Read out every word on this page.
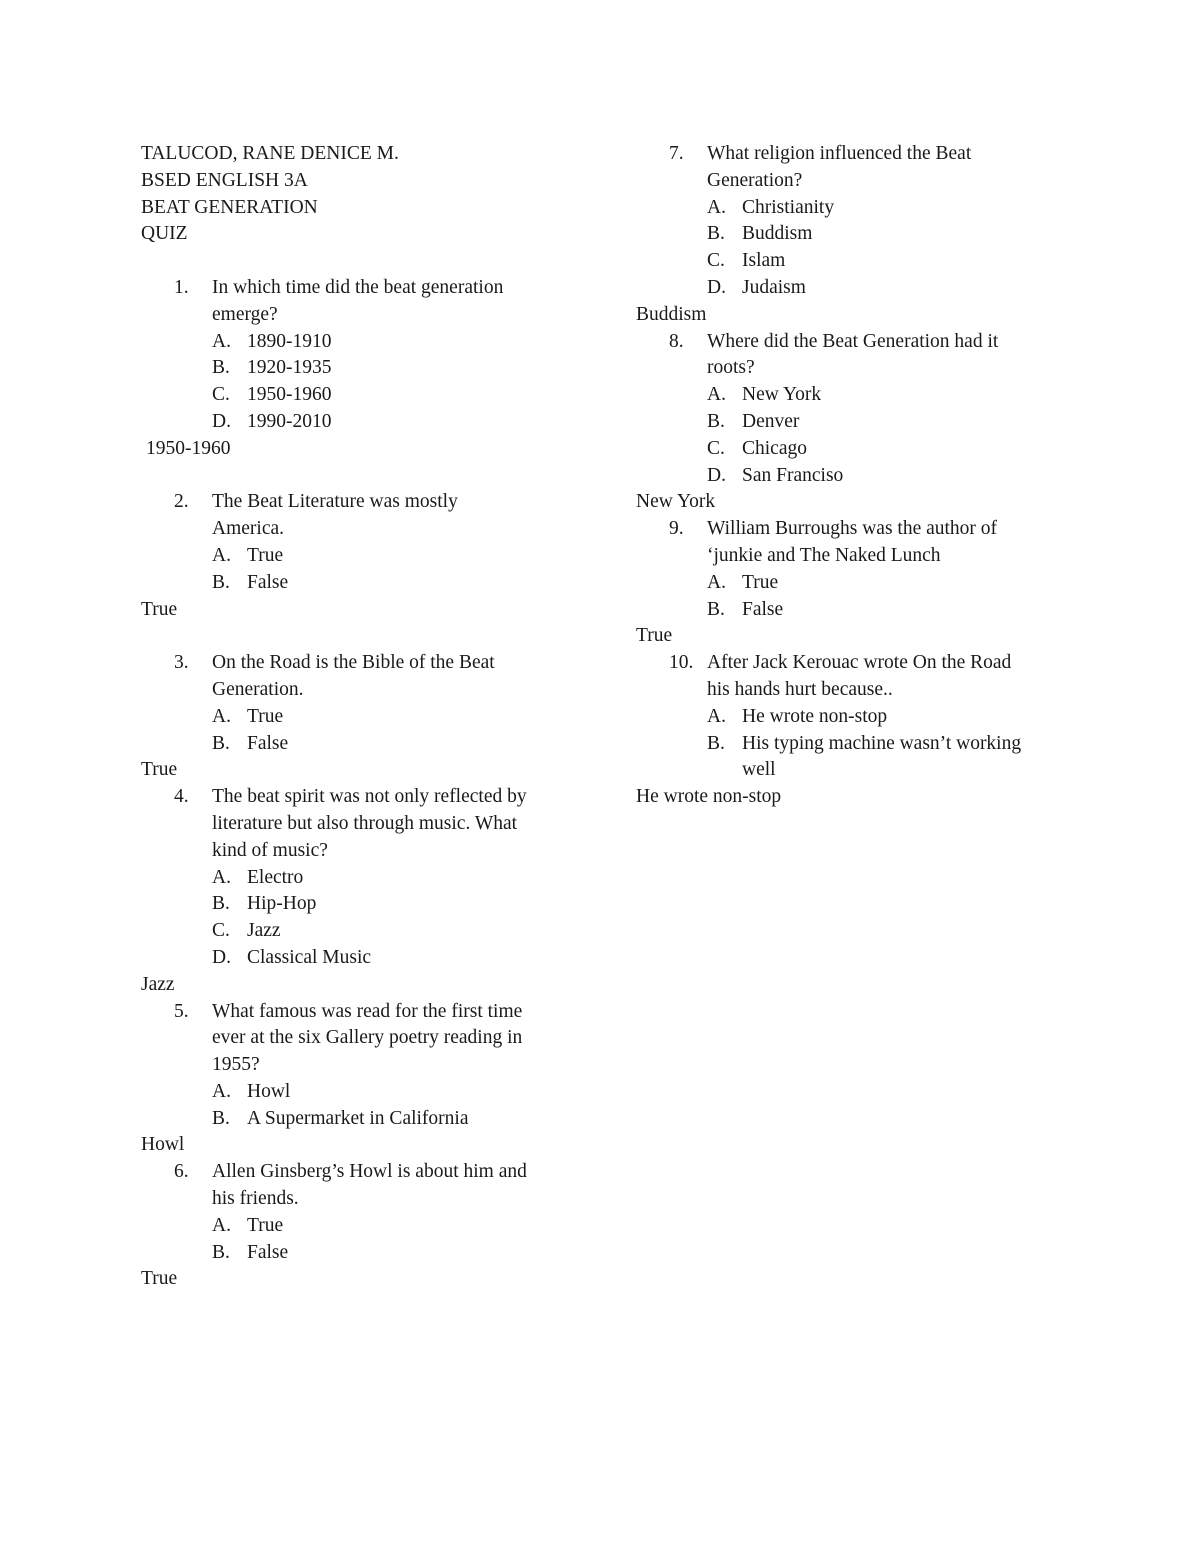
TALUCOD, RANE DENICE M.
BSED ENGLISH 3A
BEAT GENERATION
QUIZ
1. In which time did the beat generation
emerge?
A. 1890-1910
B. 1920-1935
C. 1950-1960
D. 1990-2010
1950-1960
2. The Beat Literature was mostly
America.
A. True
B. False
True
3. On the Road is the Bible of the Beat
Generation.
A. True
B. False
True
4. The beat spirit was not only reflected by
literature but also through music. What
kind of music?
A. Electro
B. Hip-Hop
C. Jazz
D. Classical Music
Jazz
5. What famous was read for the first time
ever at the six Gallery poetry reading in
1955?
A. Howl
B. A Supermarket in California
Howl
6. Allen Ginsberg’s Howl is about him and
his friends.
A. True
B. False
True
7. What religion influenced the Beat
Generation?
A. Christianity
B. Buddism
C. Islam
D. Judaism
Buddism
8. Where did the Beat Generation had it
roots?
A. New York
B. Denver
C. Chicago
D. San Franciso
New York
9. William Burroughs was the author of
‘junkie and The Naked Lunch
A. True
B. False
True
10. After Jack Kerouac wrote On the Road
his hands hurt because..
A. He wrote non-stop
B. His typing machine wasn’t working
well
He wrote non-stop
